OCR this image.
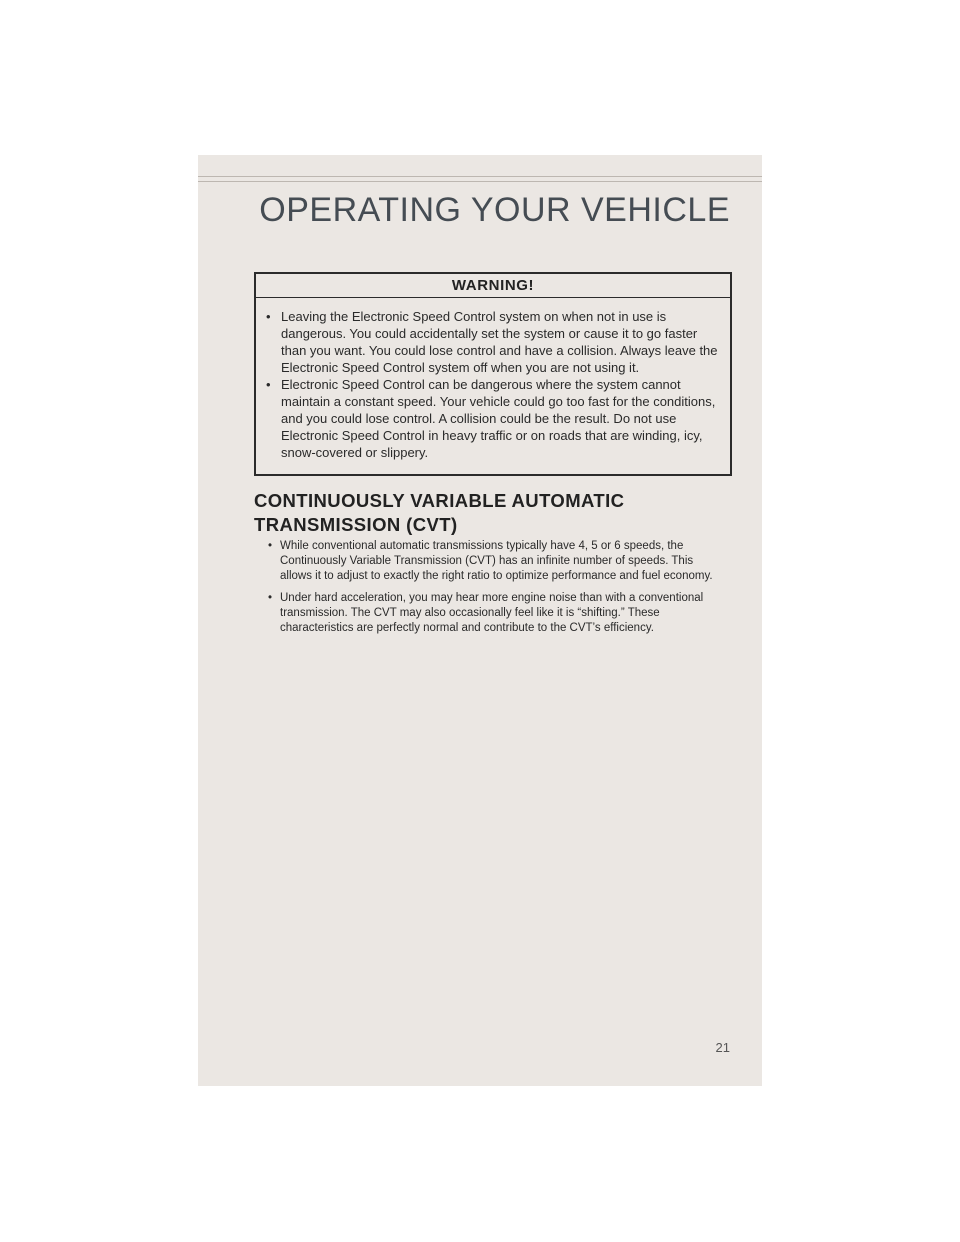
OPERATING YOUR VEHICLE
WARNING!
• Leaving the Electronic Speed Control system on when not in use is dangerous. You could accidentally set the system or cause it to go faster than you want. You could lose control and have a collision. Always leave the Electronic Speed Control system off when you are not using it.
• Electronic Speed Control can be dangerous where the system cannot maintain a constant speed. Your vehicle could go too fast for the conditions, and you could lose control. A collision could be the result. Do not use Electronic Speed Control in heavy traffic or on roads that are winding, icy, snow-covered or slippery.
CONTINUOUSLY VARIABLE AUTOMATIC
TRANSMISSION (CVT)
• While conventional automatic transmissions typically have 4, 5 or 6 speeds, the Continuously Variable Transmission (CVT) has an infinite number of speeds. This allows it to adjust to exactly the right ratio to optimize performance and fuel economy.
• Under hard acceleration, you may hear more engine noise than with a conventional transmission. The CVT may also occasionally feel like it is “shifting.” These characteristics are perfectly normal and contribute to the CVT’s efficiency.
21
